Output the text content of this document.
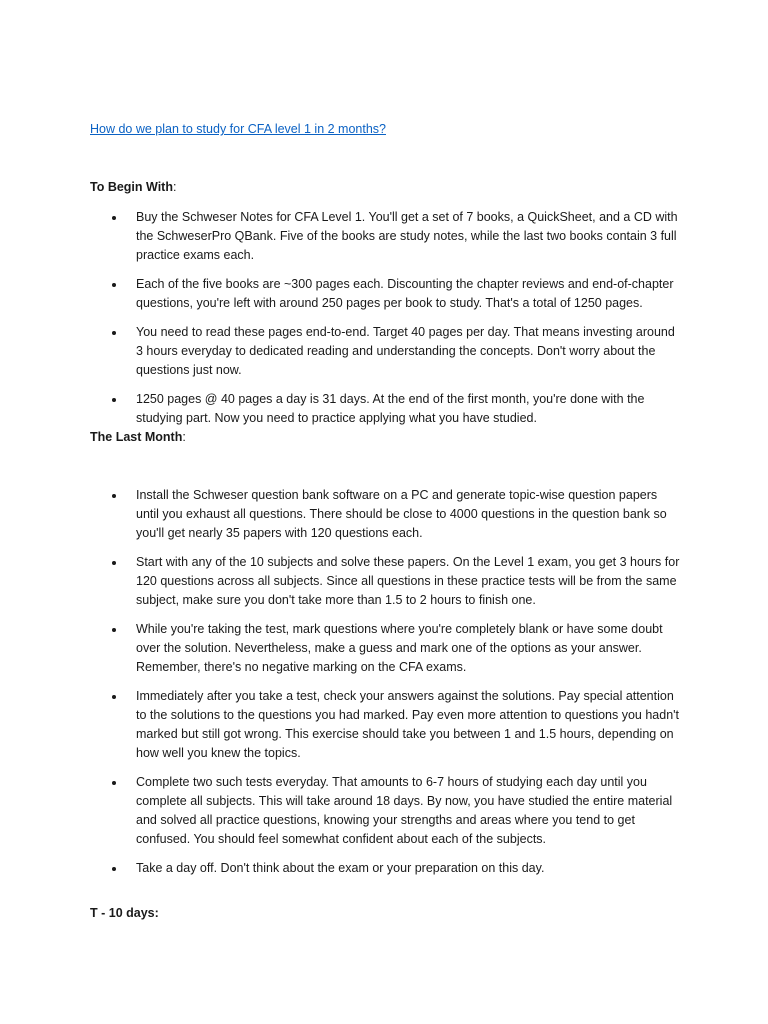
How do we plan to study for CFA level 1 in 2 months?
To Begin With:
Buy the Schweser Notes for CFA Level 1. You'll get a set of 7 books, a QuickSheet, and a CD with the SchweserPro QBank. Five of the books are study notes, while the last two books contain 3 full practice exams each.
Each of the five books are ~300 pages each. Discounting the chapter reviews and end-of-chapter questions, you're left with around 250 pages per book to study. That's a total of 1250 pages.
You need to read these pages end-to-end. Target 40 pages per day. That means investing around 3 hours everyday to dedicated reading and understanding the concepts. Don't worry about the questions just now.
1250 pages @ 40 pages a day is 31 days. At the end of the first month, you're done with the studying part. Now you need to practice applying what you have studied.
The Last Month:
Install the Schweser question bank software on a PC and generate topic-wise question papers until you exhaust all questions. There should be close to 4000 questions in the question bank so you'll get nearly 35 papers with 120 questions each.
Start with any of the 10 subjects and solve these papers. On the Level 1 exam, you get 3 hours for 120 questions across all subjects. Since all questions in these practice tests will be from the same subject, make sure you don't take more than 1.5 to 2 hours to finish one.
While you're taking the test, mark questions where you're completely blank or have some doubt over the solution. Nevertheless, make a guess and mark one of the options as your answer. Remember, there's no negative marking on the CFA exams.
Immediately after you take a test, check your answers against the solutions. Pay special attention to the solutions to the questions you had marked. Pay even more attention to questions you hadn't marked but still got wrong. This exercise should take you between 1 and 1.5 hours, depending on how well you knew the topics.
Complete two such tests everyday. That amounts to 6-7 hours of studying each day until you complete all subjects. This will take around 18 days. By now, you have studied the entire material and solved all practice questions, knowing your strengths and areas where you tend to get confused. You should feel somewhat confident about each of the subjects.
Take a day off. Don't think about the exam or your preparation on this day.
T - 10 days:
